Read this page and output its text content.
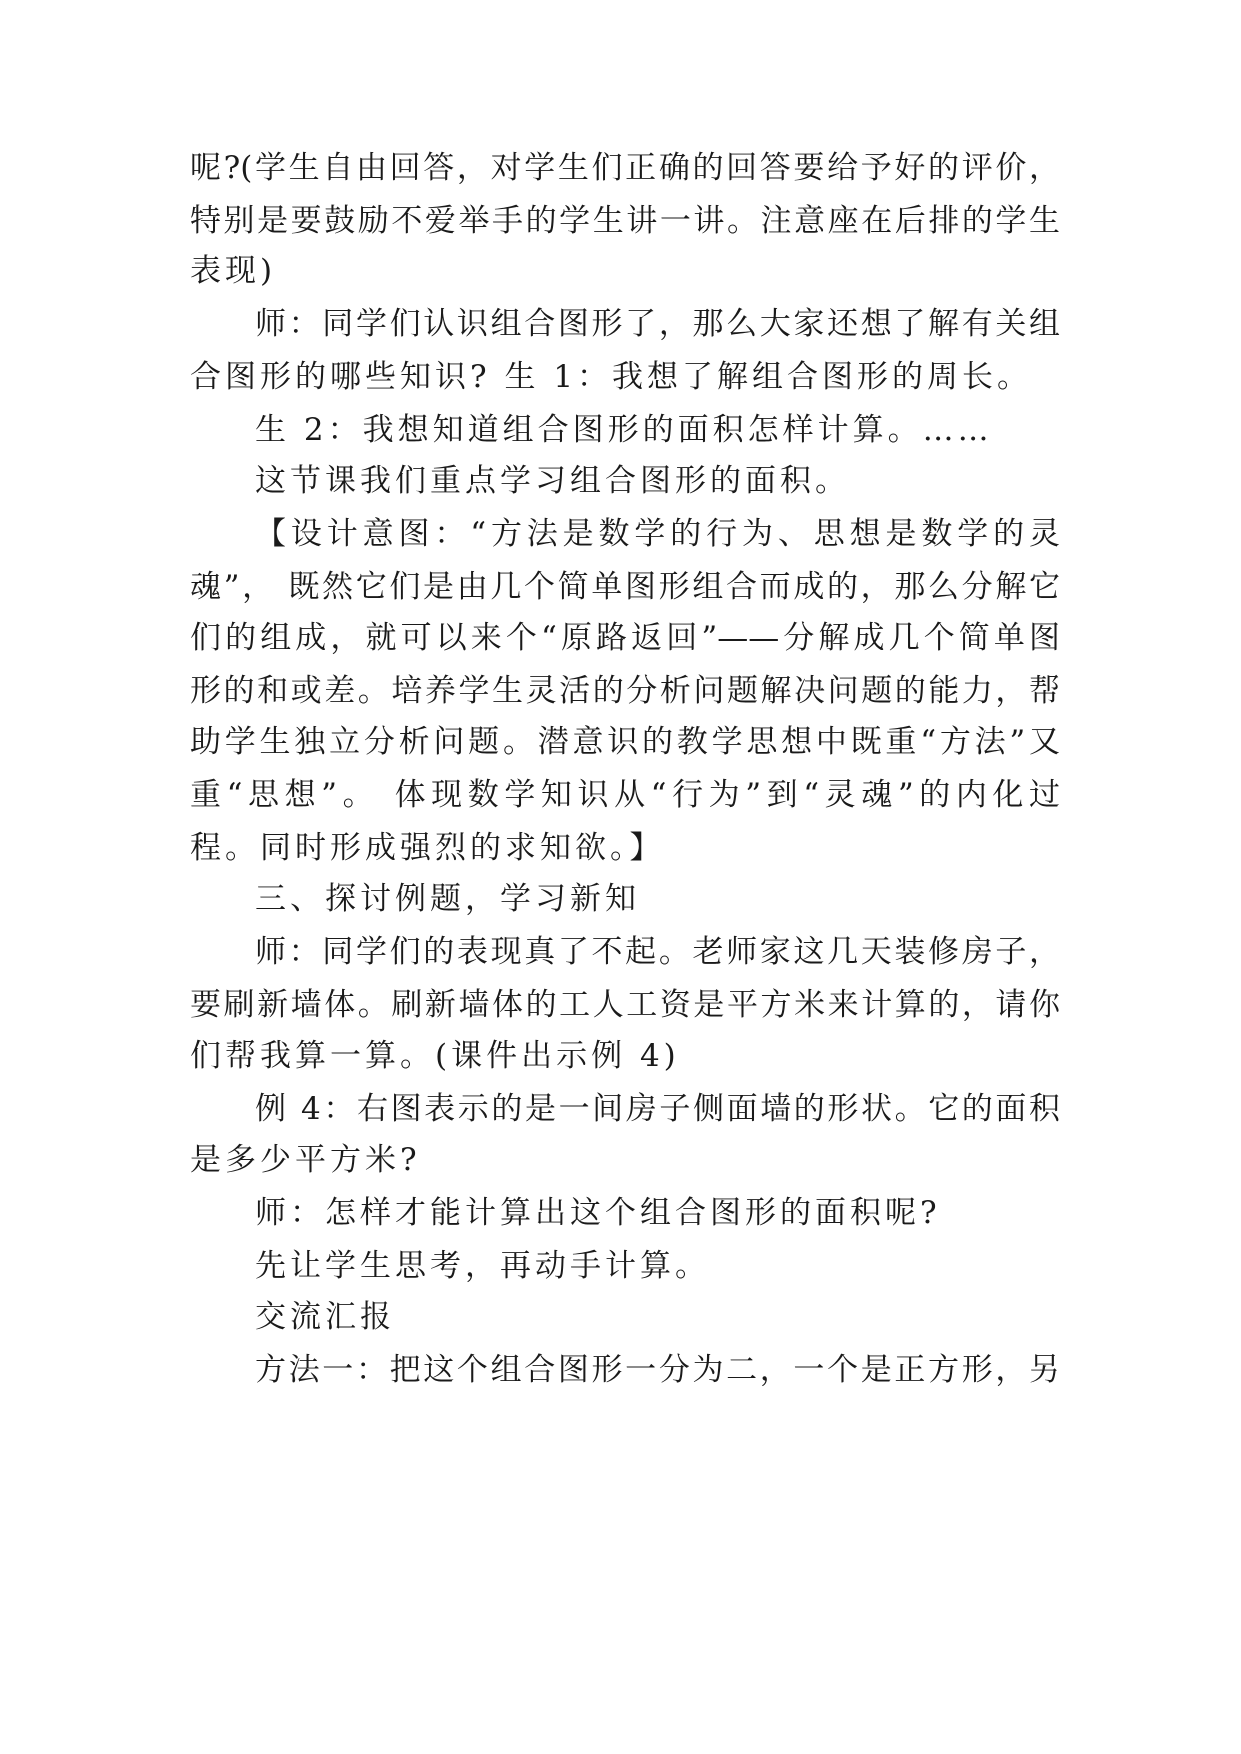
呢?(学生自由回答，对学生们正确的回答要给予好的评价，
特别是要鼓励不爱举手的学生讲一讲。注意座在后排的学生
表现)
师：同学们认识组合图形了，那么大家还想了解有关组
合图形的哪些知识? 生 1：我想了解组合图形的周长。
生 2：我想知道组合图形的面积怎样计算。……
这节课我们重点学习组合图形的面积。
【设计意图：“方法是数学的行为、思想是数学的灵
魂”， 既然它们是由几个简单图形组合而成的，那么分解它
们的组成，就可以来个“原路返回”——分解成几个简单图
形的和或差。培养学生灵活的分析问题解决问题的能力，帮
助学生独立分析问题。潜意识的教学思想中既重“方法”又
重“思想”。 体现数学知识从“行为”到“灵魂”的内化过
程。同时形成强烈的求知欲。】
三、探讨例题，学习新知
师：同学们的表现真了不起。老师家这几天装修房子，
要刷新墙体。刷新墙体的工人工资是平方米来计算的，请你
们帮我算一算。(课件出示例 4)
例 4：右图表示的是一间房子侧面墙的形状。它的面积
是多少平方米?
师：怎样才能计算出这个组合图形的面积呢?
先让学生思考，再动手计算。
交流汇报
方法一：把这个组合图形一分为二，一个是正方形，另
